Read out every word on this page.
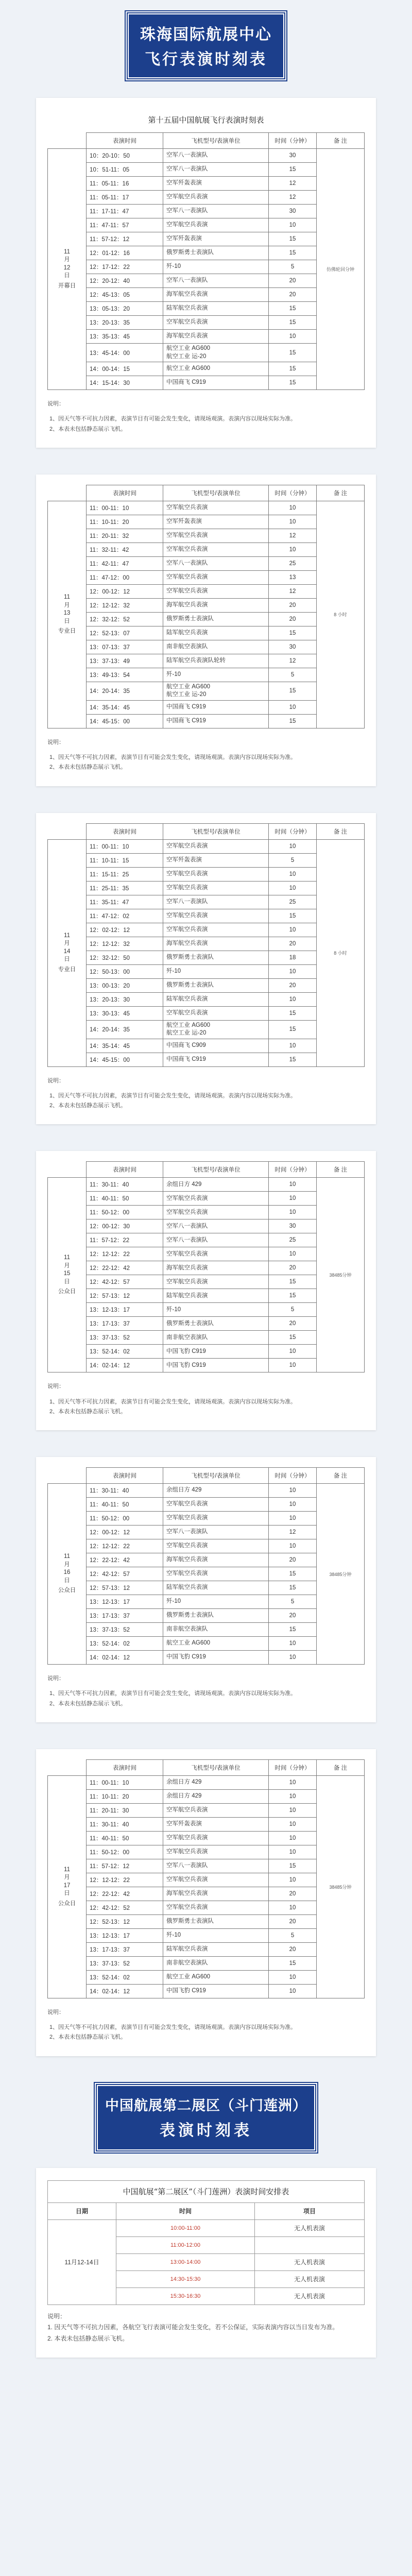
珠海国际航展中心
飞行表演时刻表
第十五届中国航展飞行表演时刻表
	表演时间	飞机型号/表演单位	时间（分钟）	备 注

11
月
12
日
开幕日	10：20-10：50	空军八一表演队	30	仿佛轮回分钟
	10：51-11：05	空军八一表演队	15	
	11：05-11：16	空军歼轰表演	12	
	11：05-11：17	空军航空兵表演	12	
	11：17-11：47	空军八一表演队	30	
	11：47-11：57	空军航空兵表演	10	
	11：57-12：12	空军歼轰表演	15	
	12：01-12：16	俄罗斯勇士表演队	15	
	12：17-12：22	歼-10	5	
	12：20-12：40	空军八一表演队	20	
	12：45-13：05	海军航空兵表演	20	
	13：05-13：20	陆军航空兵表演	15	
	13：20-13：35	空军航空兵表演	15	
	13：35-13：45	海军航空兵表演	10	
	13：45-14：00	航空工业 AG600
航空工业 运-20	15	
	14：00-14：15	航空工业 AG600	15	
	14：15-14：30	中国商飞 C919	15	
说明：
1、因天气等不可抗力因素，表演节目有可能会发生变化，请现场观演。表演内容以现场实际为准。
2、本表未包括静态展示飞机。
	表演时间	飞机型号/表演单位	时间（分钟）	备 注

11
月
13
日
专业日	11：00-11：10	空军航空兵表演	10	8 小时
	11：10-11：20	空军歼轰表演	10	
	11：20-11：32	空军航空兵表演	12	
	11：32-11：42	空军航空兵表演	10	
	11：42-11：47	空军八一表演队	25	
	11：47-12：00	空军航空兵表演	13	
	12：00-12：12	空军航空兵表演	12	
	12：12-12：32	海军航空兵表演	20	
	12：32-12：52	俄罗斯勇士表演队	20	
	12：52-13：07	陆军航空兵表演	15	
	13：07-13：37	南非航空表演队	30	
	13：37-13：49	陆军航空兵表演队轮转	12	
	13：49-13：54	歼-10	5	
	14：20-14：35	航空工业 AG600
航空工业 运-20	15	
	14：35-14：45	中国商飞 C919	10	
	14：45-15：00	中国商飞 C919	15	
说明：
1、因天气等不可抗力因素，表演节目有可能会发生变化，请现场观演。表演内容以现场实际为准。
2、本表未包括静态展示飞机。
	表演时间	飞机型号/表演单位	时间（分钟）	备 注

11
月
14
日
专业日	11：00-11：10	空军航空兵表演	10	8 小时
	11：10-11：15	空军歼轰表演	5	
	11：15-11：25	空军航空兵表演	10	
	11：25-11：35	空军航空兵表演	10	
	11：35-11：47	空军八一表演队	25	
	11：47-12：02	空军航空兵表演	15	
	12：02-12：12	空军航空兵表演	10	
	12：12-12：32	海军航空兵表演	20	
	12：32-12：50	俄罗斯勇士表演队	18	
	12：50-13：00	歼-10	10	
	13：00-13：20	俄罗斯勇士表演队	20	
	13：20-13：30	陆军航空兵表演	10	
	13：30-13：45	空军航空兵表演	15	
	14：20-14：35	航空工业 AG600
航空工业 运-20	15	
	14：35-14：45	中国商飞 C909	10	
	14：45-15：00	中国商飞 C919	15	
说明：
1、因天气等不可抗力因素，表演节目有可能会发生变化，请现场观演。表演内容以现场实际为准。
2、本表未包括静态展示飞机。
	表演时间	飞机型号/表演单位	时间（分钟）	备 注

11
月
15
日
公众日	11：30-11：40	余组日方 429	10	38485分钟
	11：40-11：50	空军航空兵表演	10	
	11：50-12：00	空军航空兵表演	10	
	12：00-12：30	空军八一表演队	30	
	11：57-12：22	空军八一表演队	25	
	12：12-12：22	空军航空兵表演	10	
	12：22-12：42	海军航空兵表演	20	
	12：42-12：57	空军航空兵表演	15	
	12：57-13：12	陆军航空兵表演	15	
	13：12-13：17	歼-10	5	
	13：17-13：37	俄罗斯勇士表演队	20	
	13：37-13：52	南非航空表演队	15	
	13：52-14：02	中国飞豹 C919	10	
	14：02-14：12	中国飞豹 C919	10	
说明：
1、因天气等不可抗力因素，表演节目有可能会发生变化，请现场观演。表演内容以现场实际为准。
2、本表未包括静态展示飞机。
	表演时间	飞机型号/表演单位	时间（分钟）	备 注

11
月
16
日
公众日	11：30-11：40	余组日方 429	10	38485分钟
	11：40-11：50	空军航空兵表演	10	
	11：50-12：00	空军航空兵表演	10	
	12：00-12：12	空军八一表演队	12	
	12：12-12：22	空军航空兵表演	10	
	12：22-12：42	海军航空兵表演	20	
	12：42-12：57	空军航空兵表演	15	
	12：57-13：12	陆军航空兵表演	15	
	13：12-13：17	歼-10	5	
	13：17-13：37	俄罗斯勇士表演队	20	
	13：37-13：52	南非航空表演队	15	
	13：52-14：02	航空工业 AG600	10	
	14：02-14：12	中国飞豹 C919	10	
说明：
1、因天气等不可抗力因素，表演节目有可能会发生变化，请现场观演。表演内容以现场实际为准。
2、本表未包括静态展示飞机。
	表演时间	飞机型号/表演单位	时间（分钟）	备 注

11
月
17
日
公众日	11：00-11：10	余组日方 429	10	38485分钟
	11：10-11：20	余组日方 429	10	
	11：20-11：30	空军航空兵表演	10	
	11：30-11：40	空军歼轰表演	10	
	11：40-11：50	空军航空兵表演	10	
	11：50-12：00	空军航空兵表演	10	
	11：57-12：12	空军八一表演队	15	
	12：12-12：22	空军航空兵表演	10	
	12：22-12：42	海军航空兵表演	20	
	12：42-12：52	空军航空兵表演	10	
	12：52-13：12	俄罗斯勇士表演队	20	
	13：12-13：17	歼-10	5	
	13：17-13：37	陆军航空兵表演	20	
	13：37-13：52	南非航空表演队	15	
	13：52-14：02	航空工业 AG600	10	
	14：02-14：12	中国飞豹 C919	10	
说明：
1、因天气等不可抗力因素，表演节目有可能会发生变化，请现场观演。表演内容以现场实际为准。
2、本表未包括静态展示飞机。
中国航展第二展区（斗门莲洲）
表演时刻表
中国航展“第二展区”（斗门莲洲）表演时间安排表		
日期	时间	项目
11月12-14日	10:00-11:00	无人机表演
	11:00-12:00	
	13:00-14:00	无人机表演
	14:30-15:30	无人机表演
	15:30-16:30	无人机表演
说明：
1. 因天气等不可抗力因素，各航空飞行表演可能会发生变化，若不公保证，实际表演内容以当日发布为准。
2. 本表未包括静态展示飞机。
